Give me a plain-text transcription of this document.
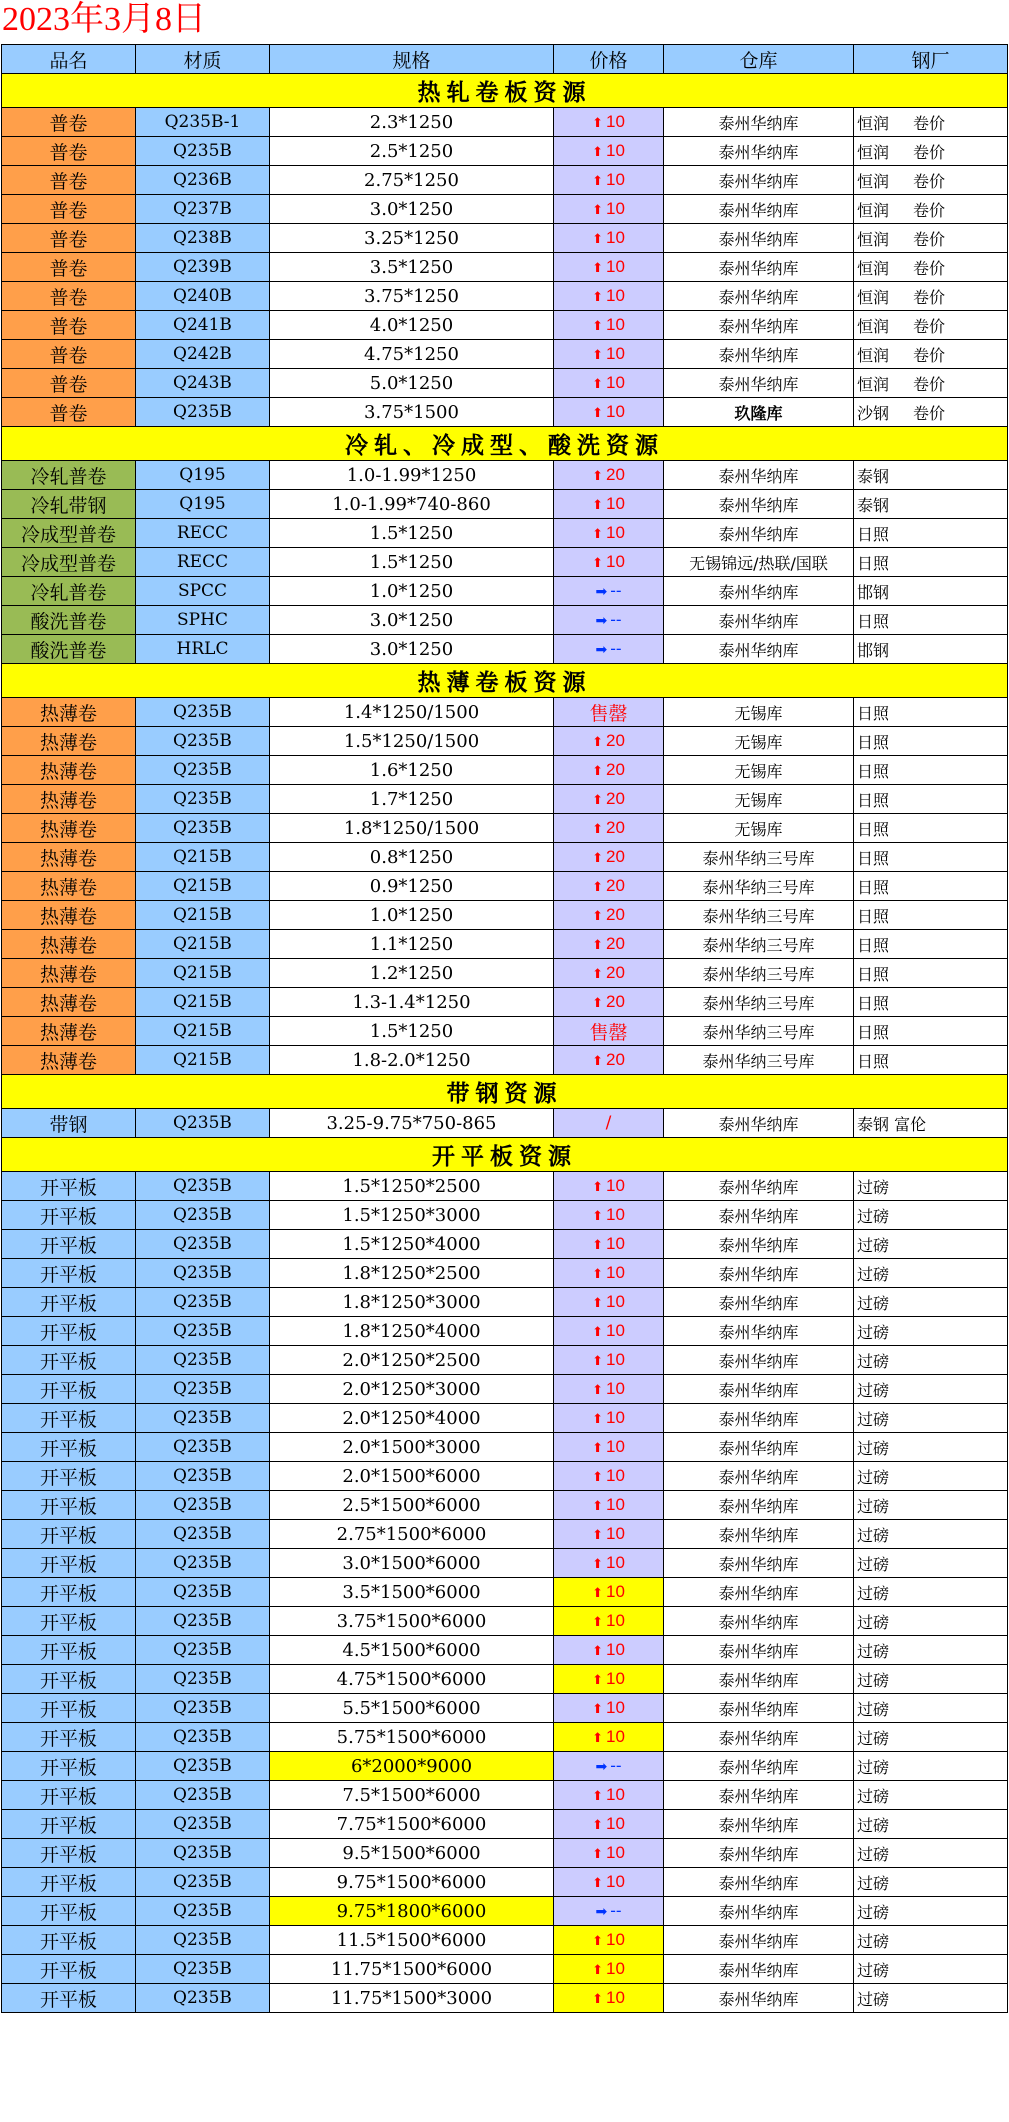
2023年3月8日
品名	材质	规格	价格	仓库	钢厂
热轧卷板资源					
普卷	Q235B-1	2.3*1250	⬆ 10	泰州华纳库	恒润 卷价
普卷	Q235B	2.5*1250	⬆ 10	泰州华纳库	恒润 卷价
普卷	Q236B	2.75*1250	⬆ 10	泰州华纳库	恒润 卷价
普卷	Q237B	3.0*1250	⬆ 10	泰州华纳库	恒润 卷价
普卷	Q238B	3.25*1250	⬆ 10	泰州华纳库	恒润 卷价
普卷	Q239B	3.5*1250	⬆ 10	泰州华纳库	恒润 卷价
普卷	Q240B	3.75*1250	⬆ 10	泰州华纳库	恒润 卷价
普卷	Q241B	4.0*1250	⬆ 10	泰州华纳库	恒润 卷价
普卷	Q242B	4.75*1250	⬆ 10	泰州华纳库	恒润 卷价
普卷	Q243B	5.0*1250	⬆ 10	泰州华纳库	恒润 卷价
普卷	Q235B	3.75*1500	⬆ 10	玖隆库	沙钢 卷价
冷轧、冷成型、酸洗资源					
冷轧普卷	Q195	1.0-1.99*1250	⬆ 20	泰州华纳库	泰钢
冷轧带钢	Q195	1.0-1.99*740-860	⬆ 10	泰州华纳库	泰钢
冷成型普卷	RECC	1.5*1250	⬆ 10	泰州华纳库	日照
冷成型普卷	RECC	1.5*1250	⬆ 10	无锡锦远/热联/国联	日照
冷轧普卷	SPCC	1.0*1250	➡ --	泰州华纳库	邯钢
酸洗普卷	SPHC	3.0*1250	➡ --	泰州华纳库	日照
酸洗普卷	HRLC	3.0*1250	➡ --	泰州华纳库	邯钢
热薄卷板资源					
热薄卷	Q235B	1.4*1250/1500	售罄	无锡库	日照
热薄卷	Q235B	1.5*1250/1500	⬆ 20	无锡库	日照
热薄卷	Q235B	1.6*1250	⬆ 20	无锡库	日照
热薄卷	Q235B	1.7*1250	⬆ 20	无锡库	日照
热薄卷	Q235B	1.8*1250/1500	⬆ 20	无锡库	日照
热薄卷	Q215B	0.8*1250	⬆ 20	泰州华纳三号库	日照
热薄卷	Q215B	0.9*1250	⬆ 20	泰州华纳三号库	日照
热薄卷	Q215B	1.0*1250	⬆ 20	泰州华纳三号库	日照
热薄卷	Q215B	1.1*1250	⬆ 20	泰州华纳三号库	日照
热薄卷	Q215B	1.2*1250	⬆ 20	泰州华纳三号库	日照
热薄卷	Q215B	1.3-1.4*1250	⬆ 20	泰州华纳三号库	日照
热薄卷	Q215B	1.5*1250	售罄	泰州华纳三号库	日照
热薄卷	Q215B	1.8-2.0*1250	⬆ 20	泰州华纳三号库	日照
带钢资源					
带钢	Q235B	3.25-9.75*750-865	/	泰州华纳库	泰钢 富伦
开平板资源					
开平板	Q235B	1.5*1250*2500	⬆ 10	泰州华纳库	过磅
开平板	Q235B	1.5*1250*3000	⬆ 10	泰州华纳库	过磅
开平板	Q235B	1.5*1250*4000	⬆ 10	泰州华纳库	过磅
开平板	Q235B	1.8*1250*2500	⬆ 10	泰州华纳库	过磅
开平板	Q235B	1.8*1250*3000	⬆ 10	泰州华纳库	过磅
开平板	Q235B	1.8*1250*4000	⬆ 10	泰州华纳库	过磅
开平板	Q235B	2.0*1250*2500	⬆ 10	泰州华纳库	过磅
开平板	Q235B	2.0*1250*3000	⬆ 10	泰州华纳库	过磅
开平板	Q235B	2.0*1250*4000	⬆ 10	泰州华纳库	过磅
开平板	Q235B	2.0*1500*3000	⬆ 10	泰州华纳库	过磅
开平板	Q235B	2.0*1500*6000	⬆ 10	泰州华纳库	过磅
开平板	Q235B	2.5*1500*6000	⬆ 10	泰州华纳库	过磅
开平板	Q235B	2.75*1500*6000	⬆ 10	泰州华纳库	过磅
开平板	Q235B	3.0*1500*6000	⬆ 10	泰州华纳库	过磅
开平板	Q235B	3.5*1500*6000	⬆ 10	泰州华纳库	过磅
开平板	Q235B	3.75*1500*6000	⬆ 10	泰州华纳库	过磅
开平板	Q235B	4.5*1500*6000	⬆ 10	泰州华纳库	过磅
开平板	Q235B	4.75*1500*6000	⬆ 10	泰州华纳库	过磅
开平板	Q235B	5.5*1500*6000	⬆ 10	泰州华纳库	过磅
开平板	Q235B	5.75*1500*6000	⬆ 10	泰州华纳库	过磅
开平板	Q235B	6*2000*9000	➡ --	泰州华纳库	过磅
开平板	Q235B	7.5*1500*6000	⬆ 10	泰州华纳库	过磅
开平板	Q235B	7.75*1500*6000	⬆ 10	泰州华纳库	过磅
开平板	Q235B	9.5*1500*6000	⬆ 10	泰州华纳库	过磅
开平板	Q235B	9.75*1500*6000	⬆ 10	泰州华纳库	过磅
开平板	Q235B	9.75*1800*6000	➡ --	泰州华纳库	过磅
开平板	Q235B	11.5*1500*6000	⬆ 10	泰州华纳库	过磅
开平板	Q235B	11.75*1500*6000	⬆ 10	泰州华纳库	过磅
开平板	Q235B	11.75*1500*3000	⬆ 10	泰州华纳库	过磅
